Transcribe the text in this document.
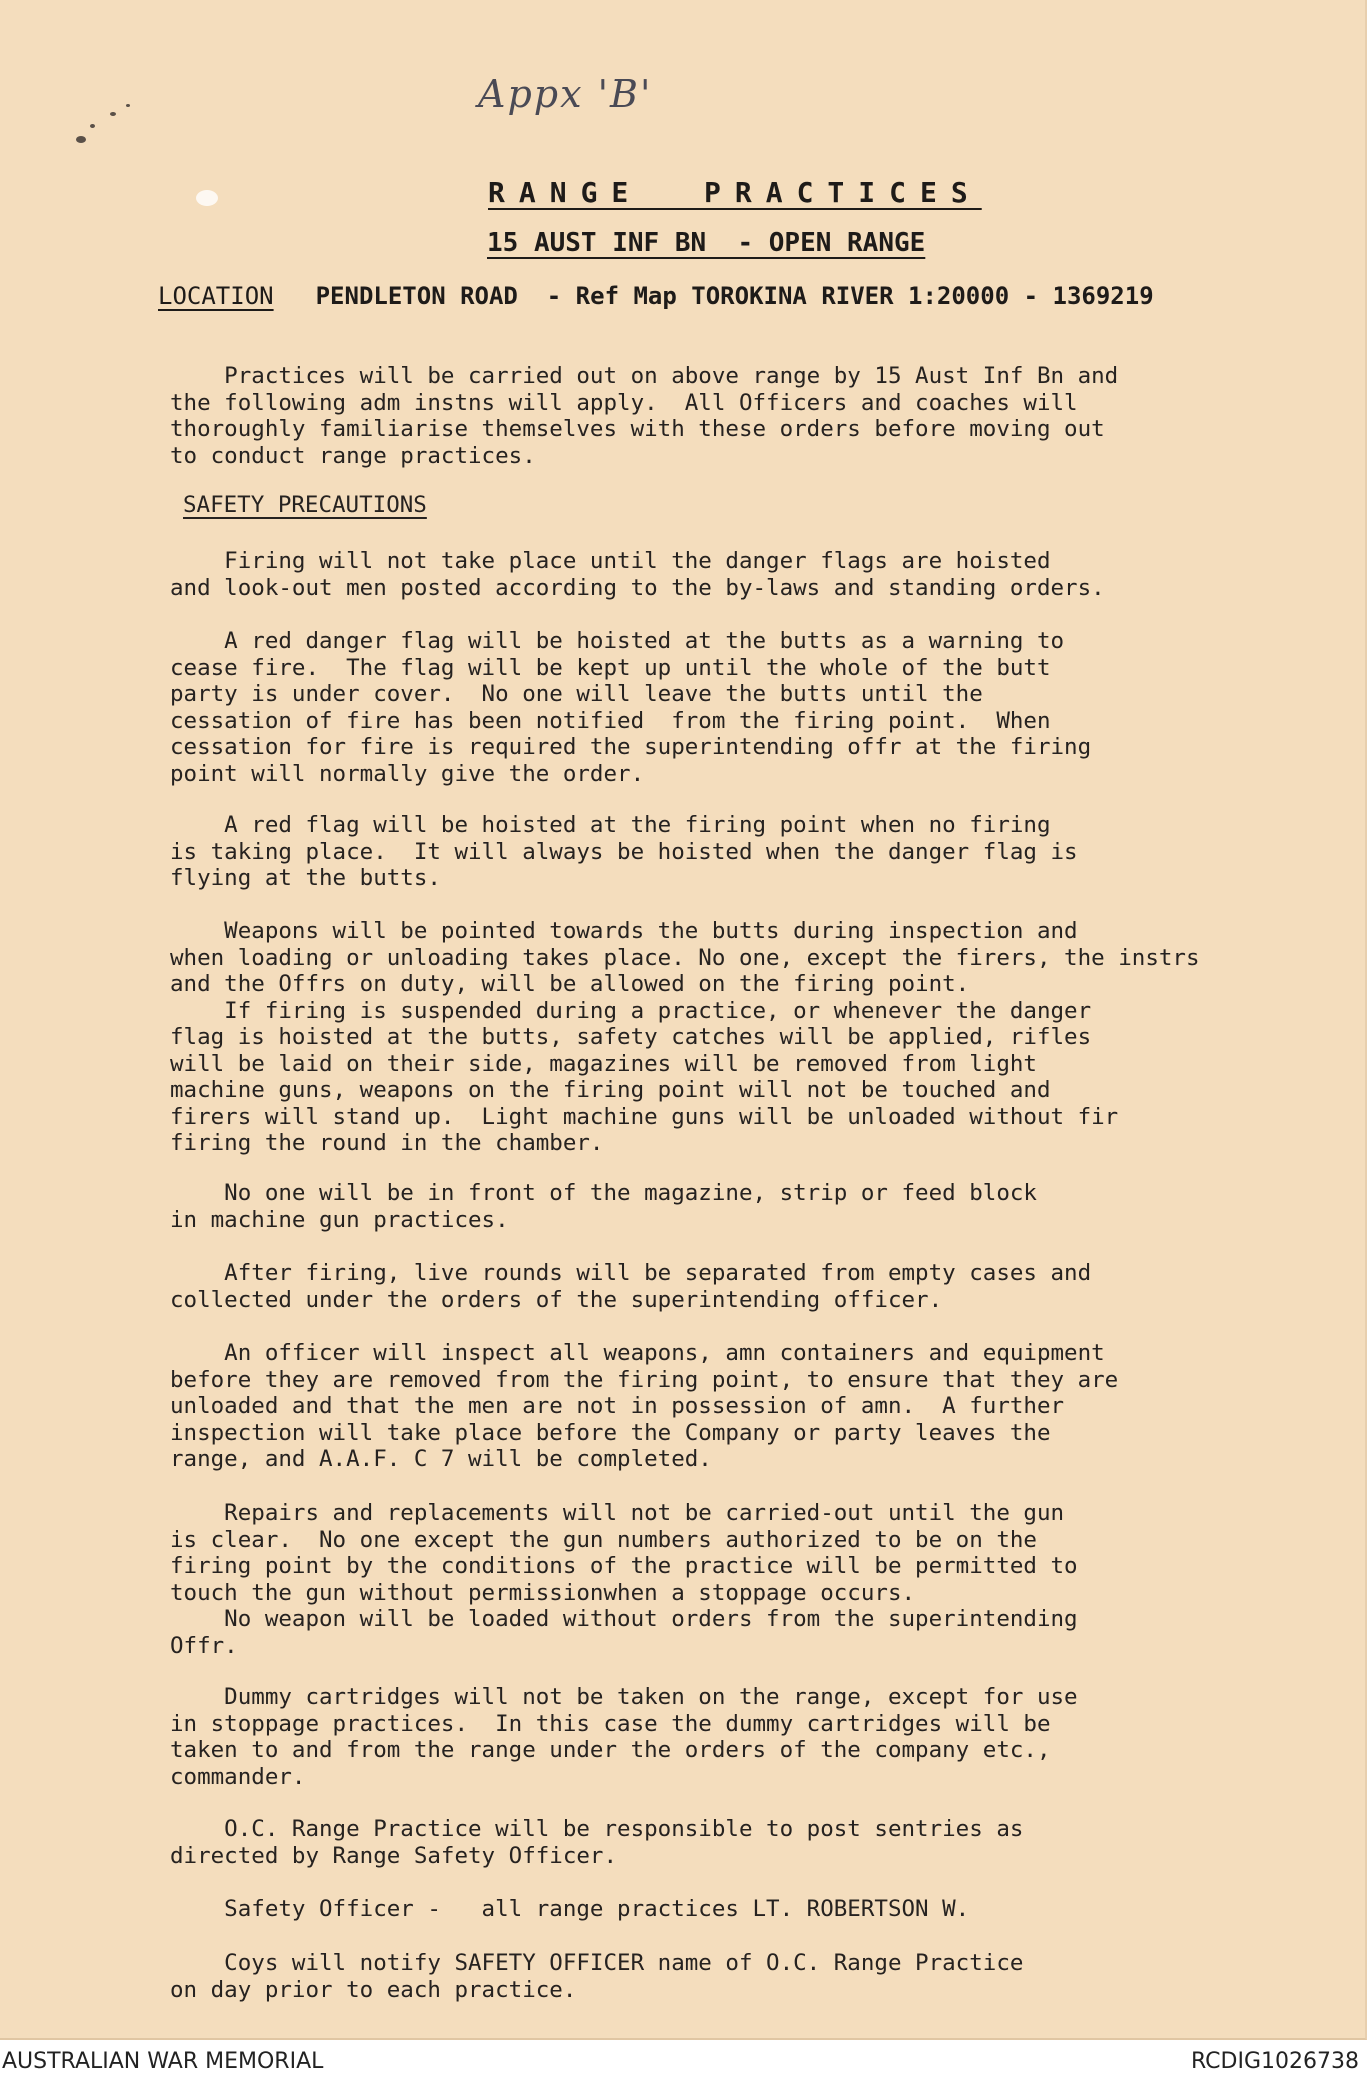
Appx 'B'
RANGE  PRACTICES
15 AUST INF BN  - OPEN RANGE
LOCATION PENDLETON ROAD  - Ref Map TOROKINA RIVER 1:20000 - 1369219
Practices will be carried out on above range by 15 Aust Inf Bn and
the following adm instns will apply.  All Officers and coaches will
thoroughly familiarise themselves with these orders before moving out
to conduct range practices.
SAFETY PRECAUTIONS
Firing will not take place until the danger flags are hoisted
and look-out men posted according to the by-laws and standing orders.
A red danger flag will be hoisted at the butts as a warning to
cease fire.  The flag will be kept up until the whole of the butt
party is under cover.  No one will leave the butts until the
cessation of fire has been notified  from the firing point.  When
cessation for fire is required the superintending offr at the firing
point will normally give the order.
A red flag will be hoisted at the firing point when no firing
is taking place.  It will always be hoisted when the danger flag is
flying at the butts.
Weapons will be pointed towards the butts during inspection and
when loading or unloading takes place. No one, except the firers, the instrs
and the Offrs on duty, will be allowed on the firing point.
If firing is suspended during a practice, or whenever the danger
flag is hoisted at the butts, safety catches will be applied, rifles
will be laid on their side, magazines will be removed from light
machine guns, weapons on the firing point will not be touched and
firers will stand up.  Light machine guns will be unloaded without fir
firing the round in the chamber.
No one will be in front of the magazine, strip or feed block
in machine gun practices.
After firing, live rounds will be separated from empty cases and
collected under the orders of the superintending officer.
An officer will inspect all weapons, amn containers and equipment
before they are removed from the firing point, to ensure that they are
unloaded and that the men are not in possession of amn.  A further
inspection will take place before the Company or party leaves the
range, and A.A.F. C 7 will be completed.
Repairs and replacements will not be carried-out until the gun
is clear.  No one except the gun numbers authorized to be on the
firing point by the conditions of the practice will be permitted to
touch the gun without permissionwhen a stoppage occurs.
No weapon will be loaded without orders from the superintending
Offr.
Dummy cartridges will not be taken on the range, except for use
in stoppage practices.  In this case the dummy cartridges will be
taken to and from the range under the orders of the company etc.,
commander.
O.C. Range Practice will be responsible to post sentries as
directed by Range Safety Officer.
Safety Officer -   all range practices LT. ROBERTSON W.
Coys will notify SAFETY OFFICER name of O.C. Range Practice
on day prior to each practice.
AUSTRALIAN WAR MEMORIAL	RCDIG1026738
